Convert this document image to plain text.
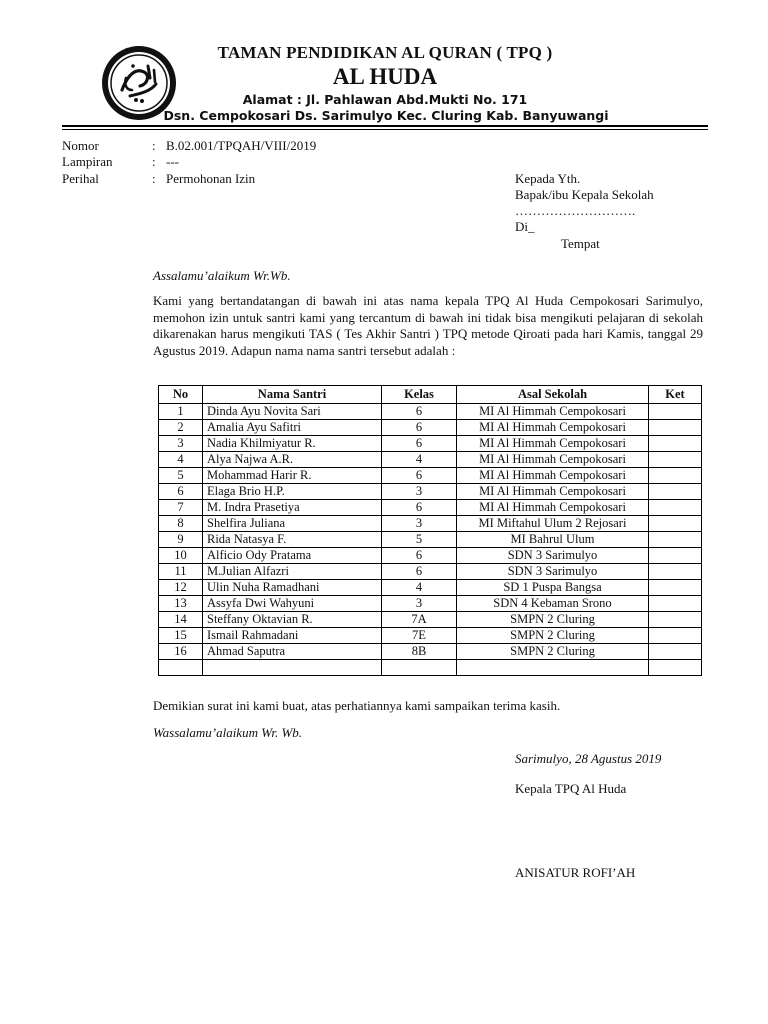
TAMAN PENDIDIKAN AL QURAN ( TPQ )
AL HUDA
Alamat : Jl. Pahlawan Abd.Mukti No. 171
Dsn. Cempokosari Ds. Sarimulyo Kec. Cluring Kab. Banyuwangi
Nomor	: B.02.001/TPQAH/VIII/2019
Lampiran	: ---
Perihal	: Permohonan Izin	Kepada Yth.
Bapak/ibu Kepala Sekolah
……………………….
Di_
Tempat
Assalamu’alaikum Wr.Wb.
Kami yang bertandatangan di bawah ini atas nama kepala TPQ Al Huda Cempokosari Sarimulyo, memohon izin untuk santri kami yang tercantum di bawah ini tidak bisa mengikuti pelajaran di sekolah dikarenakan harus mengikuti TAS ( Tes Akhir Santri ) TPQ metode Qiroati pada hari Kamis, tanggal 29 Agustus 2019. Adapun nama nama santri tersebut adalah :
No	Nama Santri	Kelas	Asal Sekolah	Ket
1	Dinda Ayu Novita Sari	6	MI Al Himmah Cempokosari	
2	Amalia Ayu Safitri	6	MI Al Himmah Cempokosari	
3	Nadia Khilmiyatur R.	6	MI Al Himmah Cempokosari	
4	Alya Najwa A.R.	4	MI Al Himmah Cempokosari	
5	Mohammad Harir R.	6	MI Al Himmah Cempokosari	
6	Elaga Brio H.P.	3	MI Al Himmah Cempokosari	
7	M. Indra Prasetiya	6	MI Al Himmah Cempokosari	
8	Shelfira Juliana	3	MI Miftahul Ulum 2 Rejosari	
9	Rida Natasya F.	5	MI Bahrul Ulum	
10	Alficio Ody Pratama	6	SDN 3 Sarimulyo	
11	M.Julian Alfazri	6	SDN 3 Sarimulyo	
12	Ulin Nuha Ramadhani	4	SD 1 Puspa Bangsa	
13	Assyfa Dwi Wahyuni	3	SDN 4 Kebaman Srono	
14	Steffany Oktavian R.	7A	SMPN 2 Cluring	
15	Ismail Rahmadani	7E	SMPN 2 Cluring	
16	Ahmad Saputra	8B	SMPN 2 Cluring	

Demikian surat ini kami buat, atas perhatiannya kami sampaikan terima kasih.
Wassalamu’alaikum Wr. Wb.
Sarimulyo, 28 Agustus 2019
Kepala TPQ Al Huda
ANISATUR ROFI’AH
